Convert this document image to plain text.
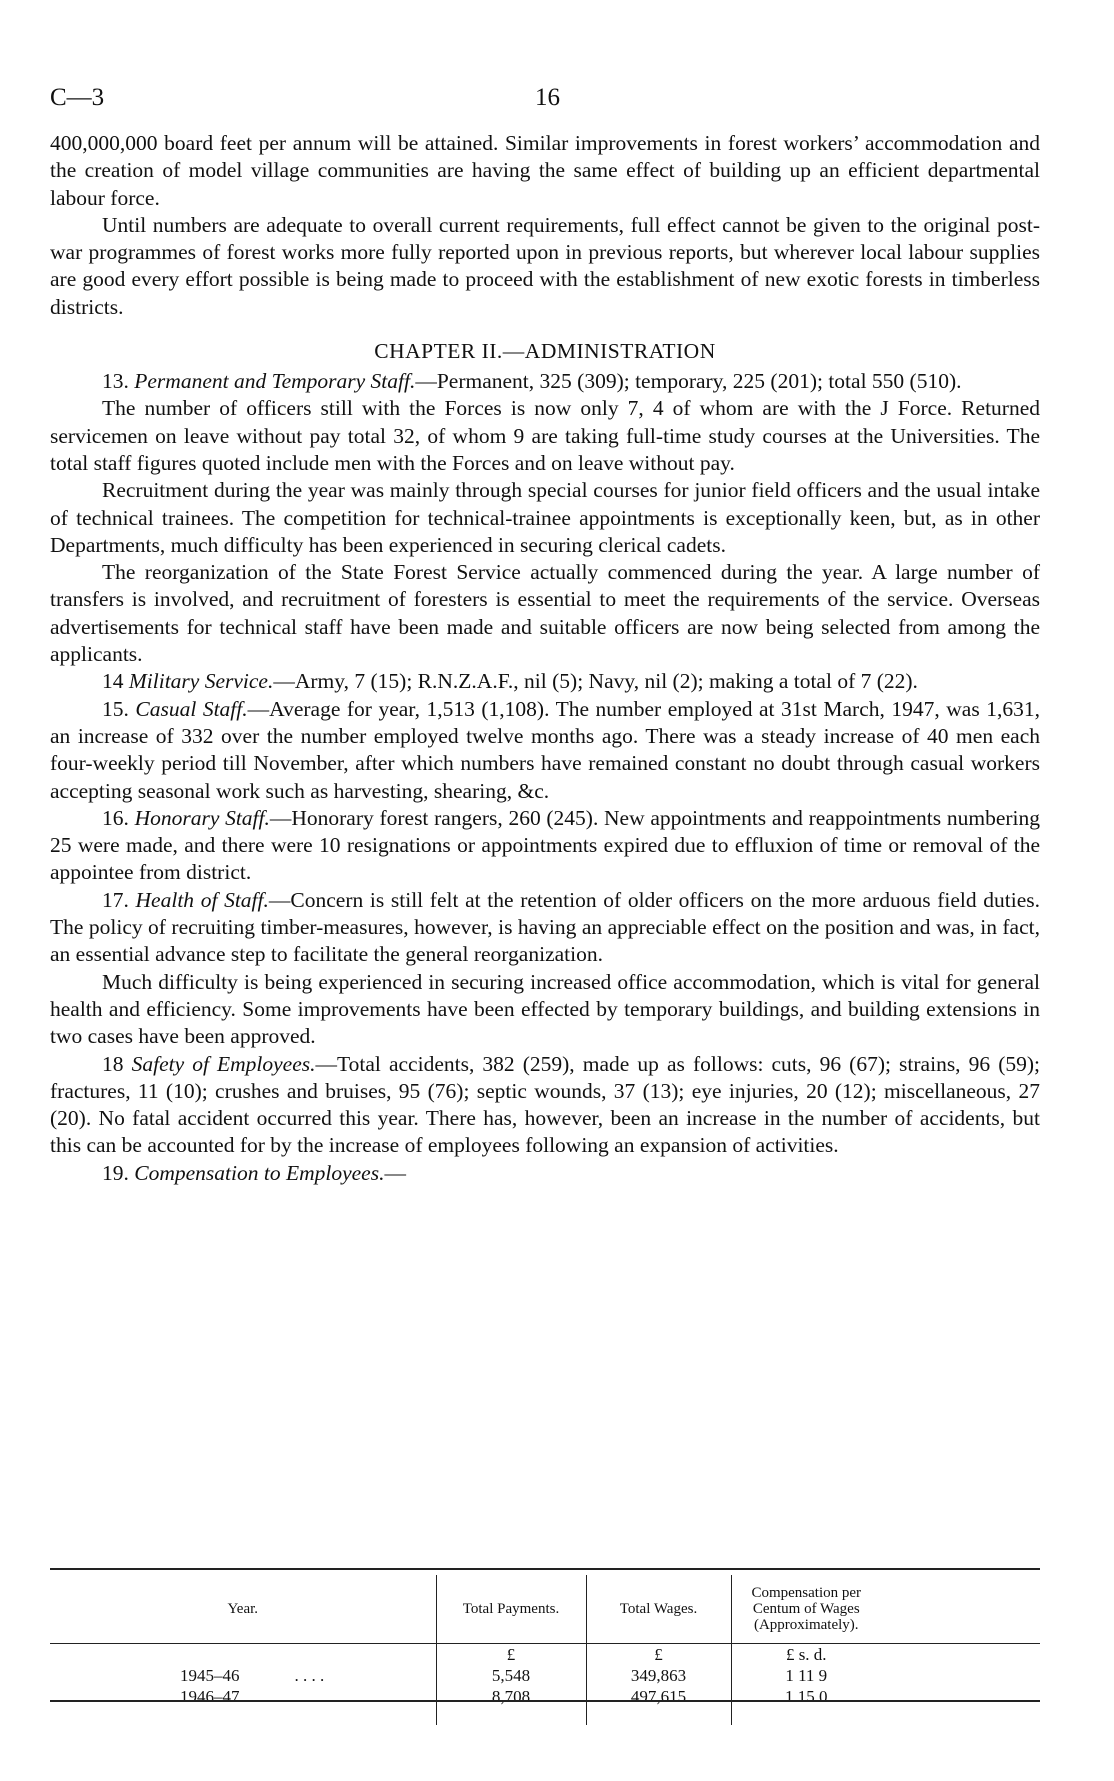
C—3	16

400,000,000 board feet per annum will be attained. Similar improvements in forest workers’ accommodation and the creation of model village communities are having the same effect of building up an efficient departmental labour force.

Until numbers are adequate to overall current requirements, full effect cannot be given to the original post-war programmes of forest works more fully reported upon in previous reports, but wherever local labour supplies are good every effort possible is being made to proceed with the establishment of new exotic forests in timberless districts.

CHAPTER II.—ADMINISTRATION

13. Permanent and Temporary Staff.—Permanent, 325 (309); temporary, 225 (201); total 550 (510).

The number of officers still with the Forces is now only 7, 4 of whom are with the J Force. Returned servicemen on leave without pay total 32, of whom 9 are taking full-time study courses at the Universities. The total staff figures quoted include men with the Forces and on leave without pay.

Recruitment during the year was mainly through special courses for junior field officers and the usual intake of technical trainees. The competition for technical-trainee appointments is exceptionally keen, but, as in other Departments, much difficulty has been experienced in securing clerical cadets.

The reorganization of the State Forest Service actually commenced during the year. A large number of transfers is involved, and recruitment of foresters is essential to meet the requirements of the service. Overseas advertisements for technical staff have been made and suitable officers are now being selected from among the applicants.

14 Military Service.—Army, 7 (15); R.N.Z.A.F., nil (5); Navy, nil (2); making a total of 7 (22).

15. Casual Staff.—Average for year, 1,513 (1,108). The number employed at 31st March, 1947, was 1,631, an increase of 332 over the number employed twelve months ago. There was a steady increase of 40 men each four-weekly period till November, after which numbers have remained constant no doubt through casual workers accepting seasonal work such as harvesting, shearing, &c.

16. Honorary Staff.—Honorary forest rangers, 260 (245). New appointments and reappointments numbering 25 were made, and there were 10 resignations or appointments expired due to effluxion of time or removal of the appointee from district.

17. Health of Staff.—Concern is still felt at the retention of older officers on the more arduous field duties. The policy of recruiting timber-measures, however, is having an appreciable effect on the position and was, in fact, an essential advance step to facilitate the general reorganization.

Much difficulty is being experienced in securing increased office accommodation, which is vital for general health and efficiency. Some improvements have been effected by temporary buildings, and building extensions in two cases have been approved.

18 Safety of Employees.—Total accidents, 382 (259), made up as follows: cuts, 96 (67); strains, 96 (59); fractures, 11 (10); crushes and bruises, 95 (76); septic wounds, 37 (13); eye injuries, 20 (12); miscellaneous, 27 (20). No fatal accident occurred this year. There has, however, been an increase in the number of accidents, but this can be accounted for by the increase of employees following an expansion of activities.

19. Compensation to Employees.—

Year.	Total Payments.	Total Wages.	Compensation per Centum of Wages (Approximately).	
	£	£	£ s. d.	
1945–46 . . . .	5,548	349,863	1 11 9	
1946–47 . . . .	8,708	497,615	1 15 0	
